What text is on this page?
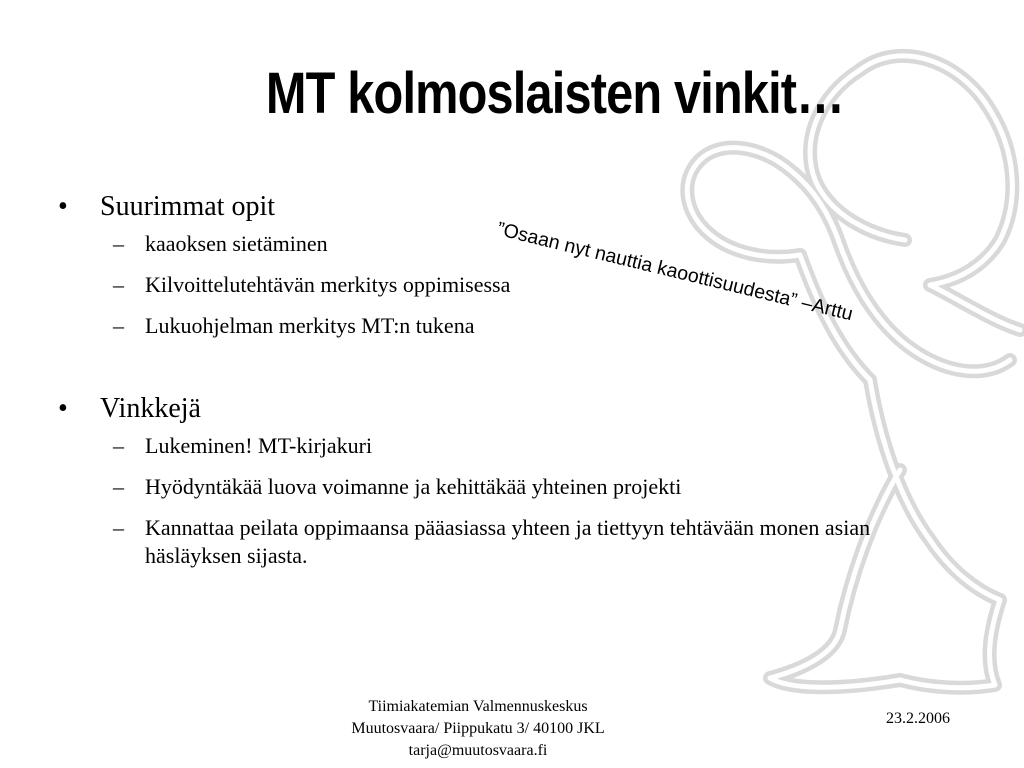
MT kolmoslaisten vinkit…
”Osaan nyt nauttia kaoottisuudesta” –Arttu
• Suurimmat opit
– kaaoksen sietäminen
– Kilvoittelutehtävän merkitys oppimisessa
– Lukuohjelman merkitys MT:n tukena
• Vinkkejä
– Lukeminen! MT-kirjakuri
– Hyödyntäkää luova voimanne ja kehittäkää yhteinen projekti
– Kannattaa peilata oppimaansa pääasiassa yhteen ja tiettyyn tehtävään monen asian häsläyksen sijasta.
Tiimiakatemian Valmennuskeskus
Muutosvaara/ Piippukatu 3/ 40100 JKL
tarja@muutosvaara.fi
23.2.2006
